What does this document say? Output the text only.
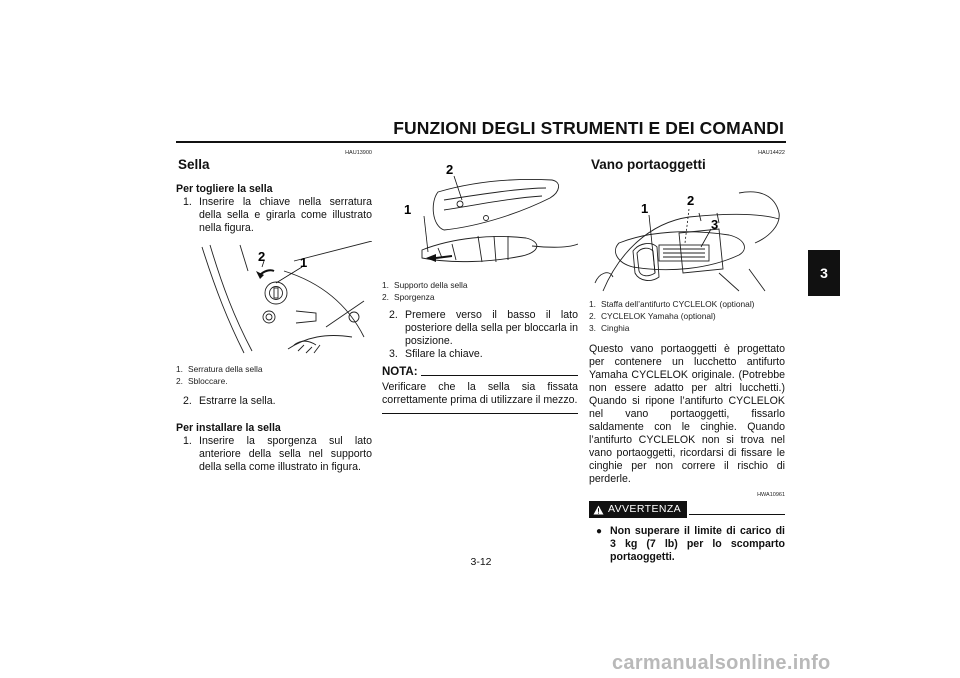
FUNZIONI DEGLI STRUMENTI E DEI COMANDI
3
HAU13900
Sella
Per togliere la sella
1. Inserire la chiave nella serratura della sella e girarla come illustrato nella figura.
2	1
1. Serratura della sella
2. Sbloccare.
2. Estrarre la sella.
Per installare la sella
1. Inserire la sporgenza sul lato anteriore della sella nel supporto della sella come illustrato in figura.
2
1
1. Supporto della sella
2. Sporgenza
2. Premere verso il basso il lato posteriore della sella per bloccarla in posizione.
3. Sfilare la chiave.
NOTA:
Verificare che la sella sia fissata correttamente prima di utilizzare il mezzo.
HAU14422
Vano portaoggetti
1
2
3
1. Staffa dell’antifurto CYCLELOK (optional)
2. CYCLELOK Yamaha (optional)
3. Cinghia
Questo vano portaoggetti è progettato per contenere un lucchetto antifurto Yamaha CYCLELOK originale. (Potrebbe non essere adatto per altri lucchetti.) Quando si ripone l’antifurto CYCLELOK nel vano portaoggetti, fissarlo saldamente con le cinghie. Quando l’antifurto CYCLELOK non si trova nel vano portaoggetti, ricordarsi di fissare le cinghie per non correre il rischio di perderle.
HWA10961
AVVERTENZA
● Non superare il limite di carico di 3 kg (7 lb) per lo scomparto portaoggetti.
3-12
carmanualsonline.info
